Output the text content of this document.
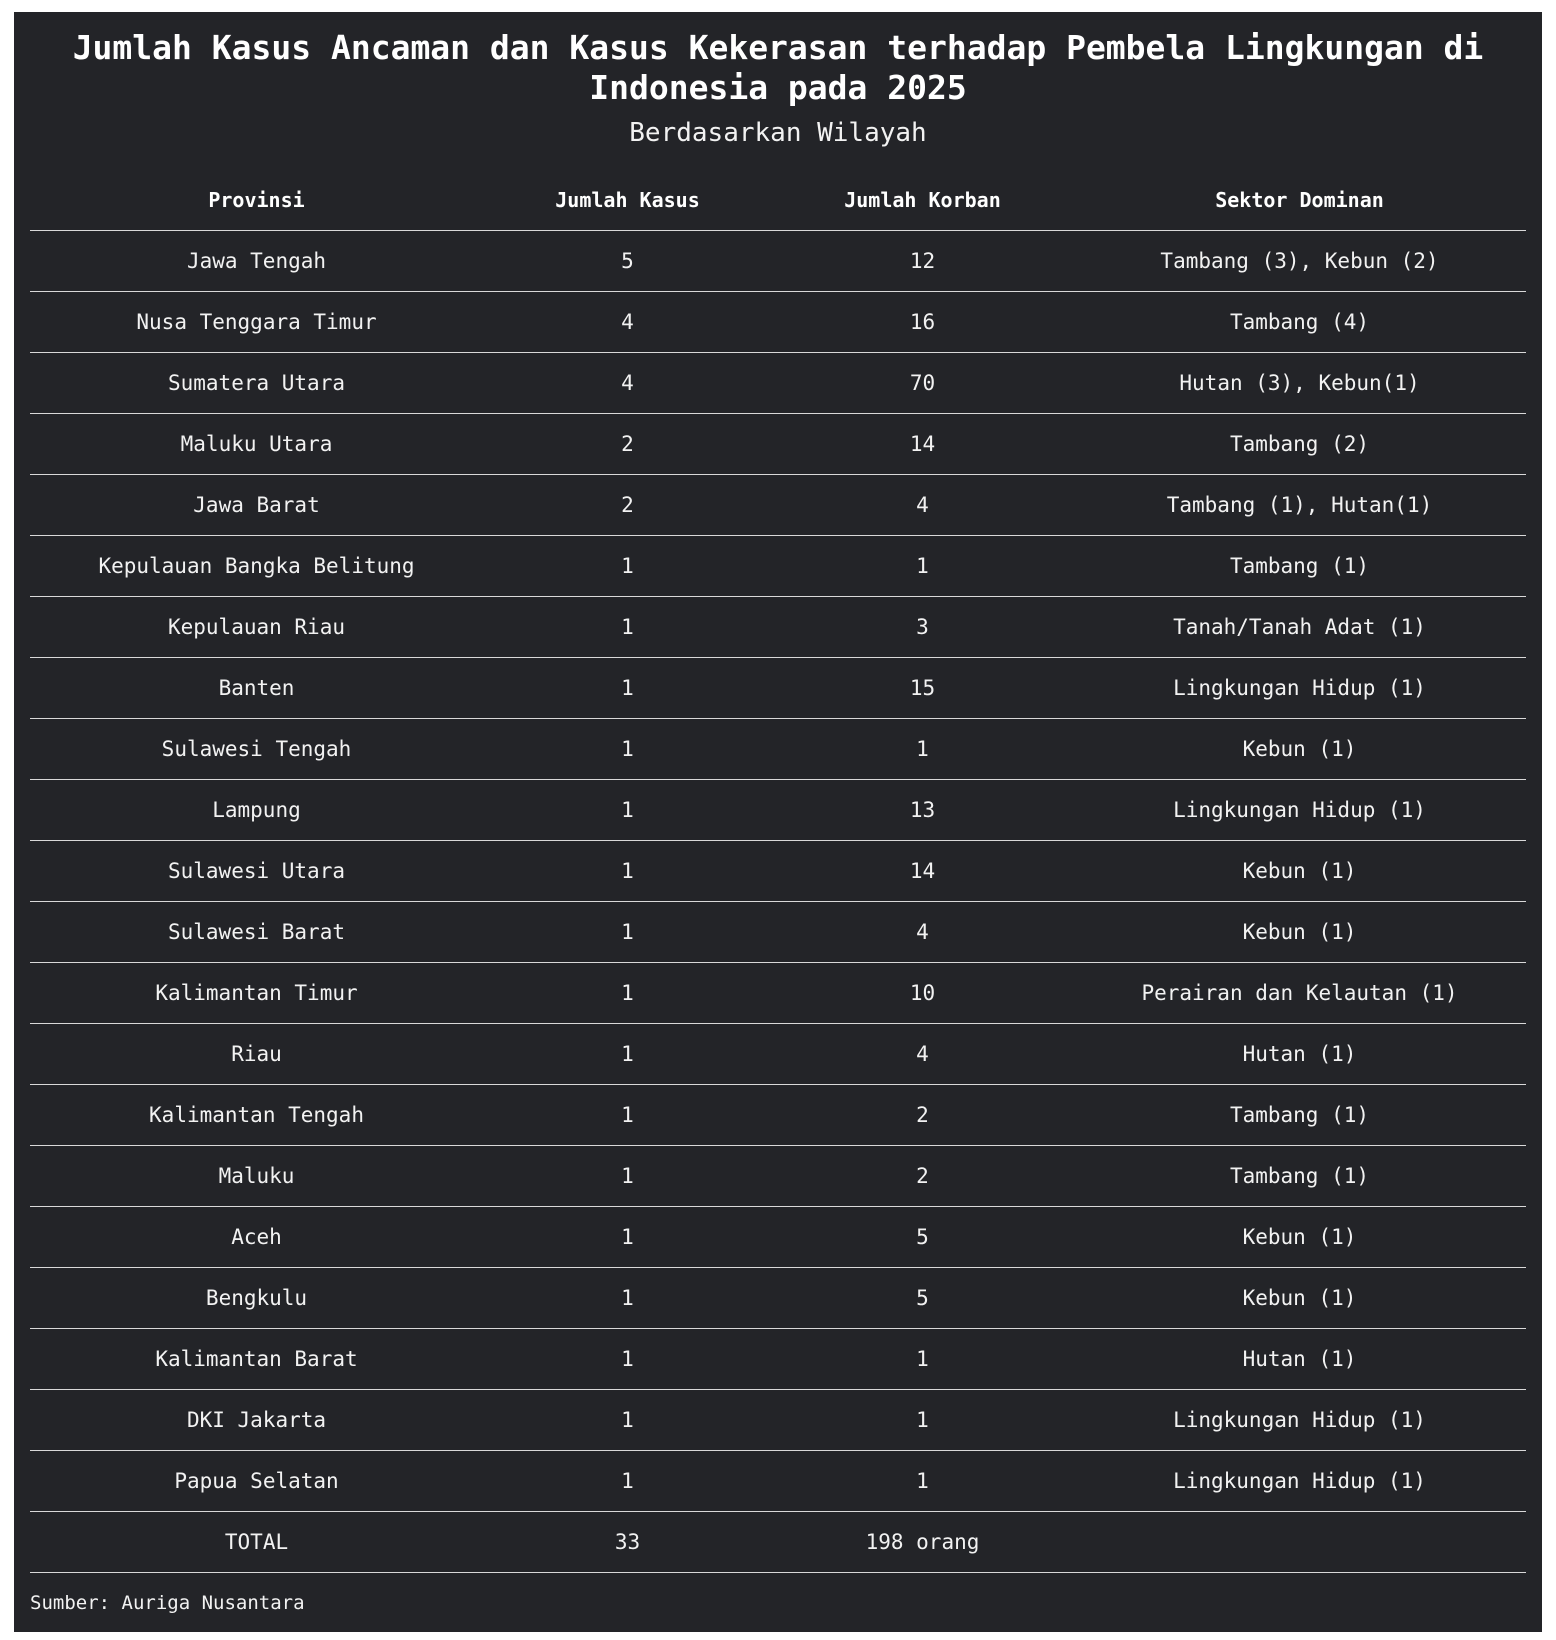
Jumlah Kasus Ancaman dan Kasus Kekerasan terhadap Pembela Lingkungan di Indonesia pada 2025
Berdasarkan Wilayah
Provinsi	Jumlah Kasus	Jumlah Korban	Sektor Dominan
Jawa Tengah	5	12	Tambang (3), Kebun (2)
Nusa Tenggara Timur	4	16	Tambang (4)
Sumatera Utara	4	70	Hutan (3), Kebun(1)
Maluku Utara	2	14	Tambang (2)
Jawa Barat	2	4	Tambang (1), Hutan(1)
Kepulauan Bangka Belitung	1	1	Tambang (1)
Kepulauan Riau	1	3	Tanah/Tanah Adat (1)
Banten	1	15	Lingkungan Hidup (1)
Sulawesi Tengah	1	1	Kebun (1)
Lampung	1	13	Lingkungan Hidup (1)
Sulawesi Utara	1	14	Kebun (1)
Sulawesi Barat	1	4	Kebun (1)
Kalimantan Timur	1	10	Perairan dan Kelautan (1)
Riau	1	4	Hutan (1)
Kalimantan Tengah	1	2	Tambang (1)
Maluku	1	2	Tambang (1)
Aceh	1	5	Kebun (1)
Bengkulu	1	5	Kebun (1)
Kalimantan Barat	1	1	Hutan (1)
DKI Jakarta	1	1	Lingkungan Hidup (1)
Papua Selatan	1	1	Lingkungan Hidup (1)
TOTAL	33	198 orang	
Sumber: Auriga Nusantara
